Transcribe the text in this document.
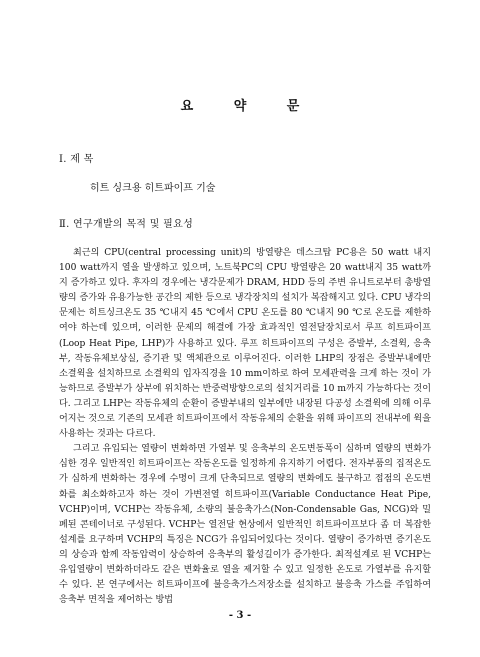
요 약 문
Ⅰ. 제 목
히트 싱크용 히트파이프 기술
Ⅱ. 연구개발의 목적 및 필요성

최근의 CPU(central processing unit)의 방열량은 데스크탑 PC용은 50 watt 내지 100 watt까지 열을 발생하고 있으며, 노트북PC의 CPU 방열량은 20 watt내지 35 watt까지 증가하고 있다. 후자의 경우에는 냉각문제가 DRAM, HDD 등의 주변 유니트로부터 총방열량의 증가와 유용가능한 공간의 제한 등으로 냉각장치의 설치가 복잡해지고 있다. CPU 냉각의 문제는 히트싱크온도 35 ℃내지 45 ℃에서 CPU 온도를 80 ℃내지 90 ℃로 온도를 제한하여야 하는데 있으며, 이러한 문제의 해결에 가장 효과적인 열전달장치로서 루프 히트파이프(Loop Heat Pipe, LHP)가 사용하고 있다. 루프 히트파이프의 구성은 증발부, 소결윅, 응축부, 작동유체보상실, 증기관 및 액체관으로 이루어진다. 이러한 LHP의 장점은 증발부내에만 소결윅을 설치하므로 소결윅의 입자직경을 10 mm이하로 하여 모세관력을 크게 하는 것이 가능하므로 증발부가 상부에 위치하는 반중력방향으로의 설치거리를 10 m까지 가능하다는 것이다. 그리고 LHP는 작동유체의 순환이 증발부내의 일부에만 내장된 다공성 소결윅에 의해 이루어지는 것으로 기존의 모세관 히트파이프에서 작동유체의 순환을 위해 파이프의 전내부에 윅을 사용하는 것과는 다르다.

그리고 유입되는 열량이 변화하면 가열부 및 응축부의 온도변동폭이 심하며 열량의 변화가 심한 경우 일반적인 히트파이프는 작동온도를 일정하게 유지하기 어렵다. 전자부품의 집적온도가 심하게 변화하는 경우에 수명이 크게 단축되므로 열량의 변화에도 불구하고 접점의 온도변화를 최소화하고자 하는 것이 가변전열 히트파이프(Variable Conductance Heat Pipe, VCHP)이며, VCHP는 작동유체, 소량의 불응축가스(Non-Condensable Gas, NCG)와 밀폐된 콘테이너로 구성된다. VCHP는 열전달 현상에서 일반적인 히트파이프보다 좀 더 복잡한 설계를 요구하며 VCHP의 특징은 NCG가 유입되어있다는 것이다. 열량이 증가하면 증기온도의 상승과 함께 작동압력이 상승하여 응축부의 활성길이가 증가한다. 최적설계로 된 VCHP는 유입열량이 변화하더라도 같은 변화율로 열을 제거할 수 있고 일정한 온도로 가열부를 유지할 수 있다. 본 연구에서는 히트파이프에 불응축가스저장소를 설치하고 불응축 가스를 주입하여 응축부 면적을 제어하는 방법

- 3 -
